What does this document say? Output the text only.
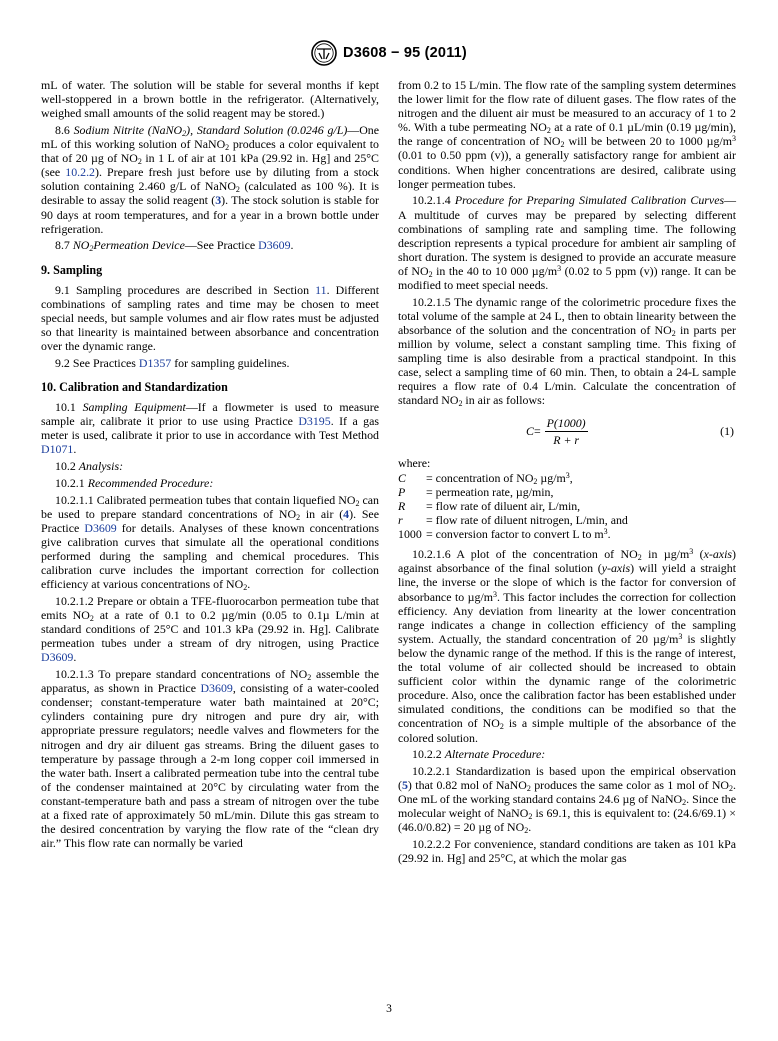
D3608 − 95 (2011)

mL of water. The solution will be stable for several months if kept well-stoppered in a brown bottle in the refrigerator. (Alternatively, weighed small amounts of the solid reagent may be stored.)

8.6 Sodium Nitrite (NaNO$_2$), Standard Solution (0.0246 g/L)—One mL of this working solution of NaNO$_2$ produces a color equivalent to that of 20 µg of $NO_2$ in 1 L of air at 101 kPa (29.92 in. Hg] and 25°C (see 10.2.2). Prepare fresh just before use by diluting from a stock solution containing 2.460 g/L of NaNO$_2$ (calculated as 100 %). It is desirable to assay the solid reagent (3). The stock solution is stable for 90 days at room temperatures, and for a year in a brown bottle under refrigeration.

8.7 $NO_2Permeation$ Device—See Practice D3609.

9. Sampling

9.1 Sampling procedures are described in Section 11. Different combinations of sampling rates and time may be chosen to meet special needs, but sample volumes and air flow rates must be adjusted so that linearity is maintained between absorbance and concentration over the dynamic range.

9.2 See Practices D1357 for sampling guidelines.

10. Calibration and Standardization

10.1 Sampling Equipment—If a flowmeter is used to measure sample air, calibrate it prior to use using Practice D3195. If a gas meter is used, calibrate it prior to use in accordance with Test Method D1071.

10.2 Analysis:

10.2.1 Recommended Procedure:

10.2.1.1 Calibrated permeation tubes that contain liquefied $NO_2$ can be used to prepare standard concentrations of $NO_2$ in air (4). See Practice D3609 for details. Analyses of these known concentrations give calibration curves that simulate all the operational conditions performed during the sampling and chemical procedures. This calibration curve includes the important correction for collection efficiency at various concentrations of $NO_2$.

10.2.1.2 Prepare or obtain a TFE-fluorocarbon permeation tube that emits $NO_2$ at a rate of 0.1 to 0.2 µg/min (0.05 to 0.1µ L/min at standard conditions of 25°C and 101.3 kPa (29.92 in. Hg]. Calibrate permeation tubes under a stream of dry nitrogen, using Practice D3609.

10.2.1.3 To prepare standard concentrations of $NO_2$ assemble the apparatus, as shown in Practice D3609, consisting of a water-cooled condenser; constant-temperature water bath maintained at 20°C; cylinders containing pure dry nitrogen and pure dry air, with appropriate pressure regulators; needle valves and flowmeters for the nitrogen and dry air diluent gas streams. Bring the diluent gases to temperature by passage through a 2-m long copper coil immersed in the water bath. Insert a calibrated permeation tube into the central tube of the condenser maintained at 20°C by circulating water from the constant-temperature bath and pass a stream of nitrogen over the tube at a fixed rate of approximately 50 mL/min. Dilute this gas stream to the desired concentration by varying the flow rate of the “clean dry air.” This flow rate can normally be varied

from 0.2 to 15 L/min. The flow rate of the sampling system determines the lower limit for the flow rate of diluent gases. The flow rates of the nitrogen and the diluent air must be measured to an accuracy of 1 to 2 %. With a tube permeating $NO_2$ at a rate of 0.1 µL/min (0.19 µg/min), the range of concentration of $NO_2$ will be between 20 to 1000 $\mu g/m^3$ (0.01 to 0.50 ppm (v)), a generally satisfactory range for ambient air conditions. When higher concentrations are desired, calibrate using longer permeation tubes.

10.2.1.4 Procedure for Preparing Simulated Calibration Curves—A multitude of curves may be prepared by selecting different combinations of sampling rate and sampling time. The following description represents a typical procedure for ambient air sampling of short duration. The system is designed to provide an accurate measure of $NO_2$ in the 40 to 10 000 $\mu g/m^3$ (0.02 to 5 ppm (v)) range. It can be modified to meet special needs.

10.2.1.5 The dynamic range of the colorimetric procedure fixes the total volume of the sample at 24 L, then to obtain linearity between the absorbance of the solution and the concentration of $NO_2$ in parts per million by volume, select a constant sampling time. This fixing of sampling time is also desirable from a practical standpoint. In this case, select a sampling time of 60 min. Then, to obtain a 24-L sample requires a flow rate of 0.4 L/min. Calculate the concentration of standard $NO_2$ in air as follows:

$C = \frac{P(1000)}{R + r}$	(1)

where:

C	= concentration of $NO_2$ $\mu g/m^3$,
P	= permeation rate, µg/min,
R	= flow rate of diluent air, L/min,
r	= flow rate of diluent nitrogen, L/min, and
1000 = conversion factor to convert L to $m^3$.

10.2.1.6 A plot of the concentration of $NO_2$ in $\mu g/m^3$ (x-axis) against absorbance of the final solution (y-axis) will yield a straight line, the inverse or the slope of which is the factor for conversion of absorbance to $\mu g/m^3$. This factor includes the correction for collection efficiency. Any deviation from linearity at the lower concentration range indicates a change in collection efficiency of the sampling system. Actually, the standard concentration of 20 $\mu g/m^3$ is slightly below the dynamic range of the method. If this is the range of interest, the total volume of air collected should be increased to obtain sufficient color within the dynamic range of the colorimetric procedure. Also, once the calibration factor has been established under simulated conditions, the conditions can be modified so that the concentration of $NO_2$ is a simple multiple of the absorbance of the colored solution.

10.2.2 Alternate Procedure:

10.2.2.1 Standardization is based upon the empirical observation (5) that 0.82 mol of NaNO$_2$ produces the same color as 1 mol of $NO_2$. One mL of the working standard contains 24.6 µg of NaNO$_2$. Since the molecular weight of NaNO$_2$ is 69.1, this is equivalent to: (24.6/69.1) × (46.0/0.82) = 20 µg of $NO_2$.

10.2.2.2 For convenience, standard conditions are taken as 101 kPa (29.92 in. Hg] and 25°C, at which the molar gas

3
